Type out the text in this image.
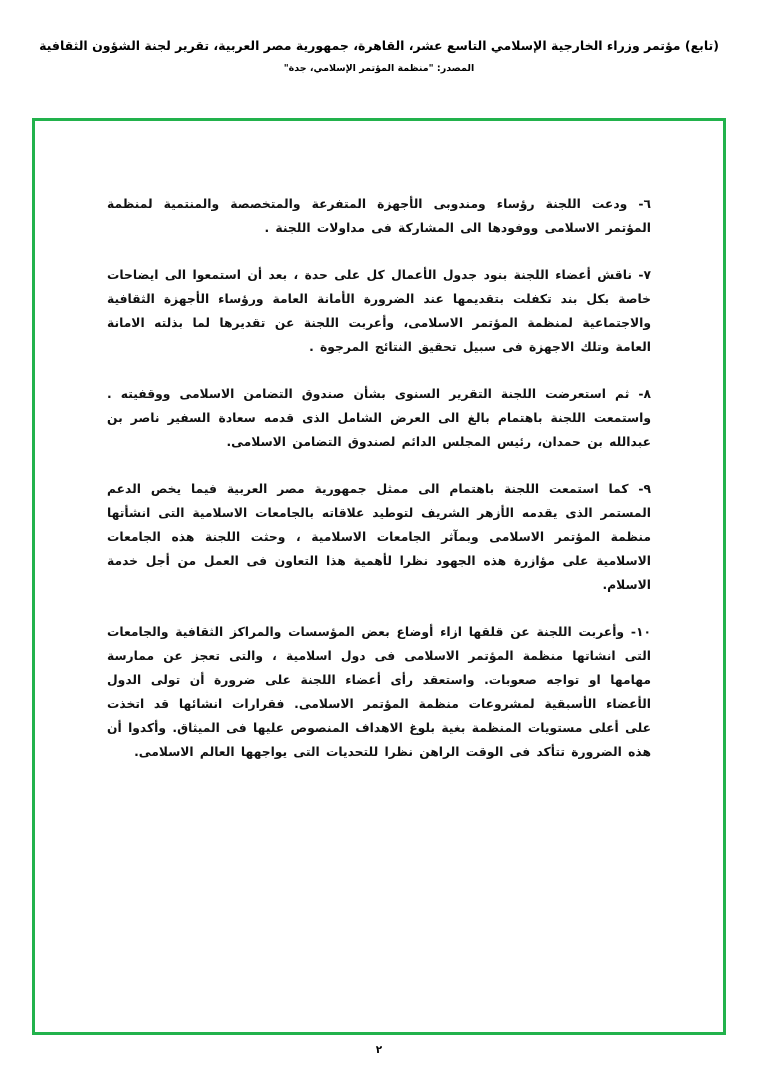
(تابع) مؤتمر وزراء الخارجية الإسلامي التاسع عشر، القاهرة، جمهورية مصر العربية، تقرير لجنة الشؤون الثقافية
المصدر: "منظمة المؤتمر الإسلامي، جدة"

٦- ودعت اللجنة رؤساء ومندوبى الأجهزة المتفرعة والمتخصصة والمنتمية لمنظمة المؤتمر الاسلامى ووفودها الى المشاركة فى مداولات اللجنة .

٧- ناقش أعضاء اللجنة بنود جدول الأعمال كل على حدة ، بعد أن استمعوا الى ايضاحات خاصة بكل بند تكفلت بتقديمها عند الضرورة الأمانة العامة ورؤساء الأجهزة الثقافية والاجتماعية لمنظمة المؤتمر الاسلامى، وأعربت اللجنة عن تقديرها لما بذلته الامانة العامة وتلك الاجهزة فى سبيل تحقيق النتائج المرجوة .

٨- ثم استعرضت اللجنة التقرير السنوى بشأن صندوق التضامن الاسلامى ووقفيته . واستمعت اللجنة باهتمام بالغ الى العرض الشامل الذى قدمه سعادة السفير ناصر بن عبدالله بن حمدان، رئيس المجلس الدائم لصندوق التضامن الاسلامى.

٩- كما استمعت اللجنة باهتمام الى ممثل جمهورية مصر العربية فيما يخص الدعم المستمر الذى يقدمه الأزهر الشريف لتوطيد علاقاته بالجامعات الاسلامية التى انشأتها منظمة المؤتمر الاسلامى وبمآثر الجامعات الاسلامية ، وحثت اللجنة هذه الجامعات الاسلامية على مؤازرة هذه الجهود نظرا لأهمية هذا التعاون فى العمل من أجل خدمة الاسلام.

١٠- وأعربت اللجنة عن قلقها ازاء أوضاع بعض المؤسسات والمراكز الثقافية والجامعات التى انشاتها منظمة المؤتمر الاسلامى فى دول اسلامية ، والتى تعجز عن ممارسة مهامها او تواجه صعوبات. واستعقد رأى أعضاء اللجنة على ضرورة أن تولى الدول الأعضاء الأسبقية لمشروعات منظمة المؤتمر الاسلامى. فقرارات انشائها قد اتخذت على أعلى مستويات المنظمة بغية بلوغ الاهداف المنصوص عليها فى الميثاق. وأكدوا أن هذه الضرورة تتأكد فى الوقت الراهن نظرا للتحديات التى يواجهها العالم الاسلامى.

٢
